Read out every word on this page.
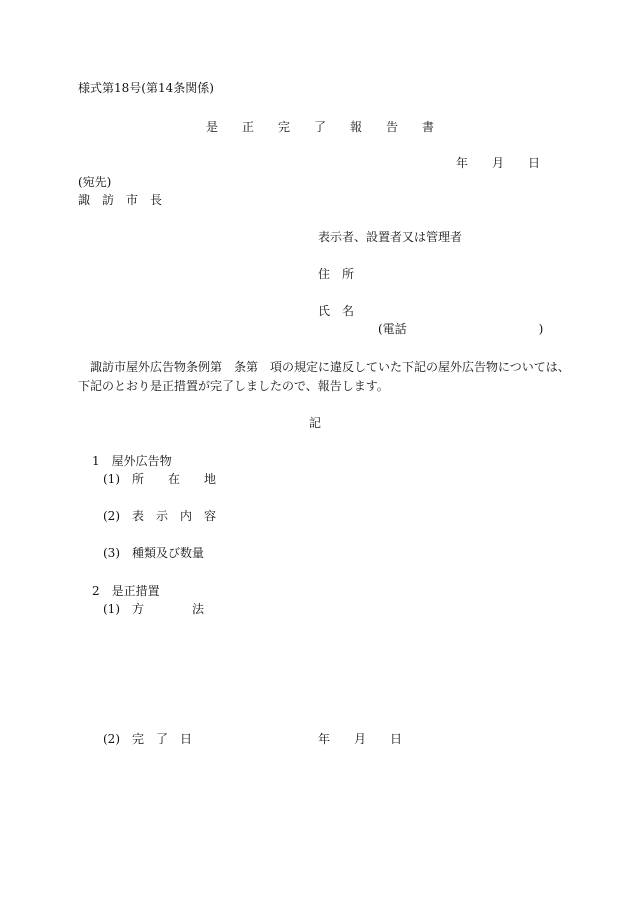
様式第18号(第14条関係)

是　　正　　完　　了　　報　　告　　書

年　　月　　日

(宛先)

諏　訪　市　長

表示者、設置者又は管理者

住　所

氏　名

(電話　　　　　　　　　　　)

諏訪市屋外広告物条例第　条第　項の規定に違反していた下記の屋外広告物については、

下記のとおり是正措置が完了しましたので、報告します。

記

1　屋外広告物

(1)　所　　在　　地

(2)　表　示　内　容

(3)　種類及び数量

2　是正措置

(1)　方　　　　法

(2)　完　了　日	年　　月　　日
